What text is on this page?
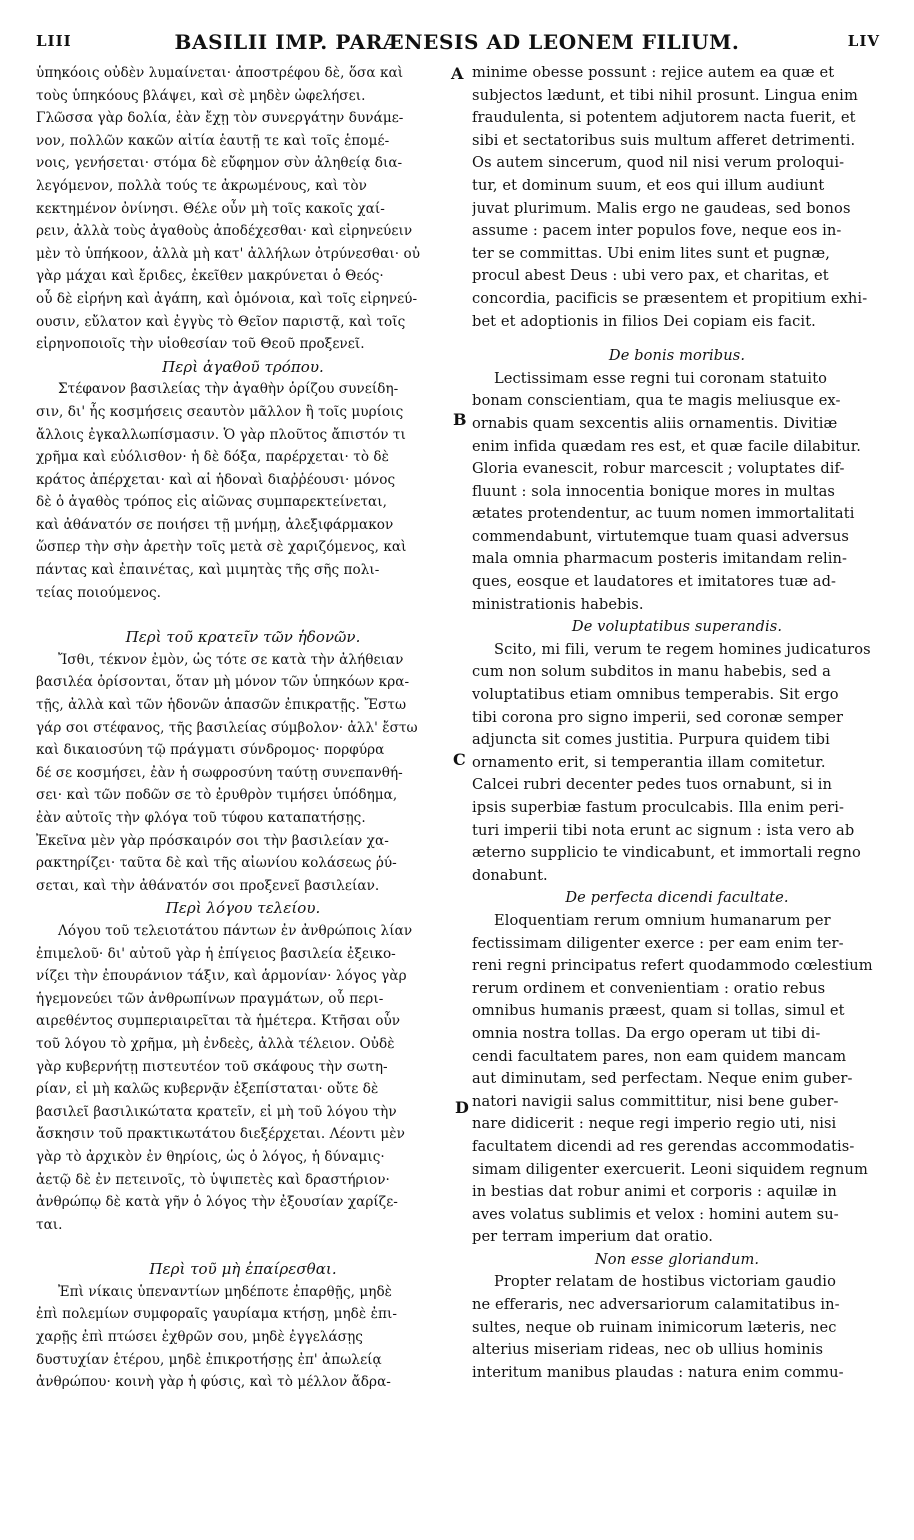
LIII	BASILII IMP. PARÆNESIS AD LEONEM FILIUM.	LIV
ὑπηκόοις οὐδὲν λυμαίνεται· ἀποστρέφου δὲ, ὅσα καὶ
τοὺς ὑπηκόους βλάψει, καὶ σὲ μηδὲν ὠφελήσει.
Γλῶσσα γὰρ δολία, ἐὰν ἔχῃ τὸν συνεργάτην δυνάμε-
νον, πολλῶν κακῶν αἰτία ἑαυτῇ τε καὶ τοῖς ἑπομέ-
νοις, γενήσεται· στόμα δὲ εὔφημον σὺν ἀληθείᾳ δια-
λεγόμενον, πολλὰ τούς τε ἀκρωμένους, καὶ τὸν
κεκτημένον ὀνίνησι. Θέλε οὖν μὴ τοῖς κακοῖς χαί-
ρειν, ἀλλὰ τοὺς ἀγαθοὺς ἀποδέχεσθαι· καὶ εἰρηνεύειν
μὲν τὸ ὑπήκοον, ἀλλὰ μὴ κατ' ἀλλήλων ὀτρύνεσθαι· οὐ
γὰρ μάχαι καὶ ἔριδες, ἐκεῖθεν μακρύνεται ὁ Θεός·
οὗ δὲ εἰρήνη καὶ ἀγάπη, καὶ ὁμόνοια, καὶ τοῖς εἰρηνεύ-
ουσιν, εὔλατον καὶ ἐγγὺς τὸ Θεῖον παριστᾷ, καὶ τοῖς
εἰρηνοποιοῖς τὴν υἱοθεσίαν τοῦ Θεοῦ προξενεῖ.
Περὶ ἀγαθοῦ τρόπου.
Στέφανον βασιλείας τὴν ἀγαθὴν ὁρίζου συνείδη-
σιν, δι' ἧς κοσμήσεις σεαυτὸν μᾶλλον ἢ τοῖς μυρίοις
ἄλλοις ἐγκαλλωπίσμασιν. Ὁ γὰρ πλοῦτος ἄπιστόν τι
χρῆμα καὶ εὐόλισθον· ἡ δὲ δόξα, παρέρχεται· τὸ δὲ
κράτος ἀπέρχεται· καὶ αἱ ἡδοναὶ διαῤῥέουσι· μόνος
δὲ ὁ ἀγαθὸς τρόπος εἰς αἰῶνας συμπαρεκτείνεται,
καὶ ἀθάνατόν σε ποιήσει τῇ μνήμῃ, ἀλεξιφάρμακον
ὥσπερ τὴν σὴν ἀρετὴν τοῖς μετὰ σὲ χαριζόμενος, καὶ
πάντας καὶ ἐπαινέτας, καὶ μιμητὰς τῆς σῆς πολι-
τείας ποιούμενος.
Περὶ τοῦ κρατεῖν τῶν ἡδονῶν.
Ἴσθι, τέκνον ἐμὸν, ὡς τότε σε κατὰ τὴν ἀλήθειαν
βασιλέα ὁρίσονται, ὅταν μὴ μόνον τῶν ὑπηκόων κρα-
τῇς, ἀλλὰ καὶ τῶν ἡδονῶν ἁπασῶν ἐπικρατῇς. Ἔστω
γάρ σοι στέφανος, τῆς βασιλείας σύμβολον· ἀλλ' ἔστω
καὶ δικαιοσύνη τῷ πράγματι σύνδρομος· πορφύρα
δέ σε κοσμήσει, ἐὰν ἡ σωφροσύνη ταύτῃ συνεπανθή-
σει· καὶ τῶν ποδῶν σε τὸ ἐρυθρὸν τιμήσει ὑπόδημα,
ἐὰν αὐτοῖς τὴν φλόγα τοῦ τύφου καταπατήσῃς.
Ἐκεῖνα μὲν γὰρ πρόσκαιρόν σοι τὴν βασιλείαν χα-
ρακτηρίζει· ταῦτα δὲ καὶ τῆς αἰωνίου κολάσεως ῥύ-
σεται, καὶ τὴν ἀθάνατόν σοι προξενεῖ βασιλείαν.
Περὶ λόγου τελείου.
Λόγου τοῦ τελειοτάτου πάντων ἐν ἀνθρώποις λίαν
ἐπιμελοῦ· δι' αὐτοῦ γὰρ ἡ ἐπίγειος βασιλεία ἐξεικο-
νίζει τὴν ἐπουράνιον τάξιν, καὶ ἁρμονίαν· λόγος γὰρ
ἡγεμονεύει τῶν ἀνθρωπίνων πραγμάτων, οὗ περι-
αιρεθέντος συμπεριαιρεῖται τὰ ἡμέτερα. Κτῆσαι οὖν
τοῦ λόγου τὸ χρῆμα, μὴ ἐνδεὲς, ἀλλὰ τέλειον. Οὐδὲ
γὰρ κυβερνήτῃ πιστευτέον τοῦ σκάφους τὴν σωτη-
ρίαν, εἰ μὴ καλῶς κυβερνᾷν ἐξεπίσταται· οὔτε δὲ
βασιλεῖ βασιλικώτατα κρατεῖν, εἰ μὴ τοῦ λόγου τὴν
ἄσκησιν τοῦ πρακτικωτάτου διεξέρχεται. Λέοντι μὲν
γὰρ τὸ ἀρχικὸν ἐν θηρίοις, ὡς ὁ λόγος, ἡ δύναμις·
ἀετῷ δὲ ἐν πετεινοῖς, τὸ ὑψιπετὲς καὶ δραστήριον·
ἀνθρώπῳ δὲ κατὰ γῆν ὁ λόγος τὴν ἐξουσίαν χαρίζε-
ται.
Περὶ τοῦ μὴ ἐπαίρεσθαι.
Ἐπὶ νίκαις ὑπεναντίων μηδέποτε ἐπαρθῇς, μηδὲ
ἐπὶ πολεμίων συμφοραῖς γαυρίαμα κτήσῃ, μηδὲ ἐπι-
χαρῇς ἐπὶ πτώσει ἐχθρῶν σου, μηδὲ ἐγγελάσῃς
δυστυχίαν ἑτέρου, μηδὲ ἐπικροτήσῃς ἐπ' ἀπωλείᾳ
ἀνθρώπου· κοινὴ γὰρ ἡ φύσις, καὶ τὸ μέλλον ἄδρα-
minime obesse possunt : rejice autem ea quæ et
subjectos lædunt, et tibi nihil prosunt. Lingua enim
fraudulenta, si potentem adjutorem nacta fuerit, et
sibi et sectatoribus suis multum afferet detrimenti.
Os autem sincerum, quod nil nisi verum proloqui-
tur, et dominum suum, et eos qui illum audiunt
juvat plurimum. Malis ergo ne gaudeas, sed bonos
assume : pacem inter populos fove, neque eos in-
ter se committas. Ubi enim lites sunt et pugnæ,
procul abest Deus : ubi vero pax, et charitas, et
concordia, pacificis se præsentem et propitium exhi-
bet et adoptionis in filios Dei copiam eis facit.
De bonis moribus.
Lectissimam esse regni tui coronam statuito
bonam conscientiam, qua te magis meliusque ex-
ornabis quam sexcentis aliis ornamentis. Divitiæ
enim infida quædam res est, et quæ facile dilabitur.
Gloria evanescit, robur marcescit ; voluptates dif-
fluunt : sola innocentia bonique mores in multas
ætates protendentur, ac tuum nomen immortalitati
commendabunt, virtutemque tuam quasi adversus
mala omnia pharmacum posteris imitandam relin-
ques, eosque et laudatores et imitatores tuæ ad-
ministrationis habebis.
De voluptatibus superandis.
Scito, mi fili, verum te regem homines judicaturos
cum non solum subditos in manu habebis, sed a
voluptatibus etiam omnibus temperabis. Sit ergo
tibi corona pro signo imperii, sed coronæ semper
adjuncta sit comes justitia. Purpura quidem tibi
ornamento erit, si temperantia illam comitetur.
Calcei rubri decenter pedes tuos ornabunt, si in
ipsis superbiæ fastum proculcabis. Illa enim peri-
turi imperii tibi nota erunt ac signum : ista vero ab
æterno supplicio te vindicabunt, et immortali regno
donabunt.
De perfecta dicendi facultate.
Eloquentiam rerum omnium humanarum per
fectissimam diligenter exerce : per eam enim ter-
reni regni principatus refert quodammodo cœlestium
rerum ordinem et convenientiam : oratio rebus
omnibus humanis præest, quam si tollas, simul et
omnia nostra tollas. Da ergo operam ut tibi di-
cendi facultatem pares, non eam quidem mancam
aut diminutam, sed perfectam. Neque enim guber-
natori navigii salus committitur, nisi bene guber-
nare didicerit : neque regi imperio regio uti, nisi
facultatem dicendi ad res gerendas accommodatis-
simam diligenter exercuerit. Leoni siquidem regnum
in bestias dat robur animi et corporis : aquilæ in
aves volatus sublimis et velox : homini autem su-
per terram imperium dat oratio.
Non esse gloriandum.
Propter relatam de hostibus victoriam gaudio
ne efferaris, nec adversariorum calamitatibus in-
sultes, neque ob ruinam inimicorum læteris, nec
alterius miseriam rideas, nec ob ullius hominis
interitum manibus plaudas : natura enim commu-
A
B
C
D
